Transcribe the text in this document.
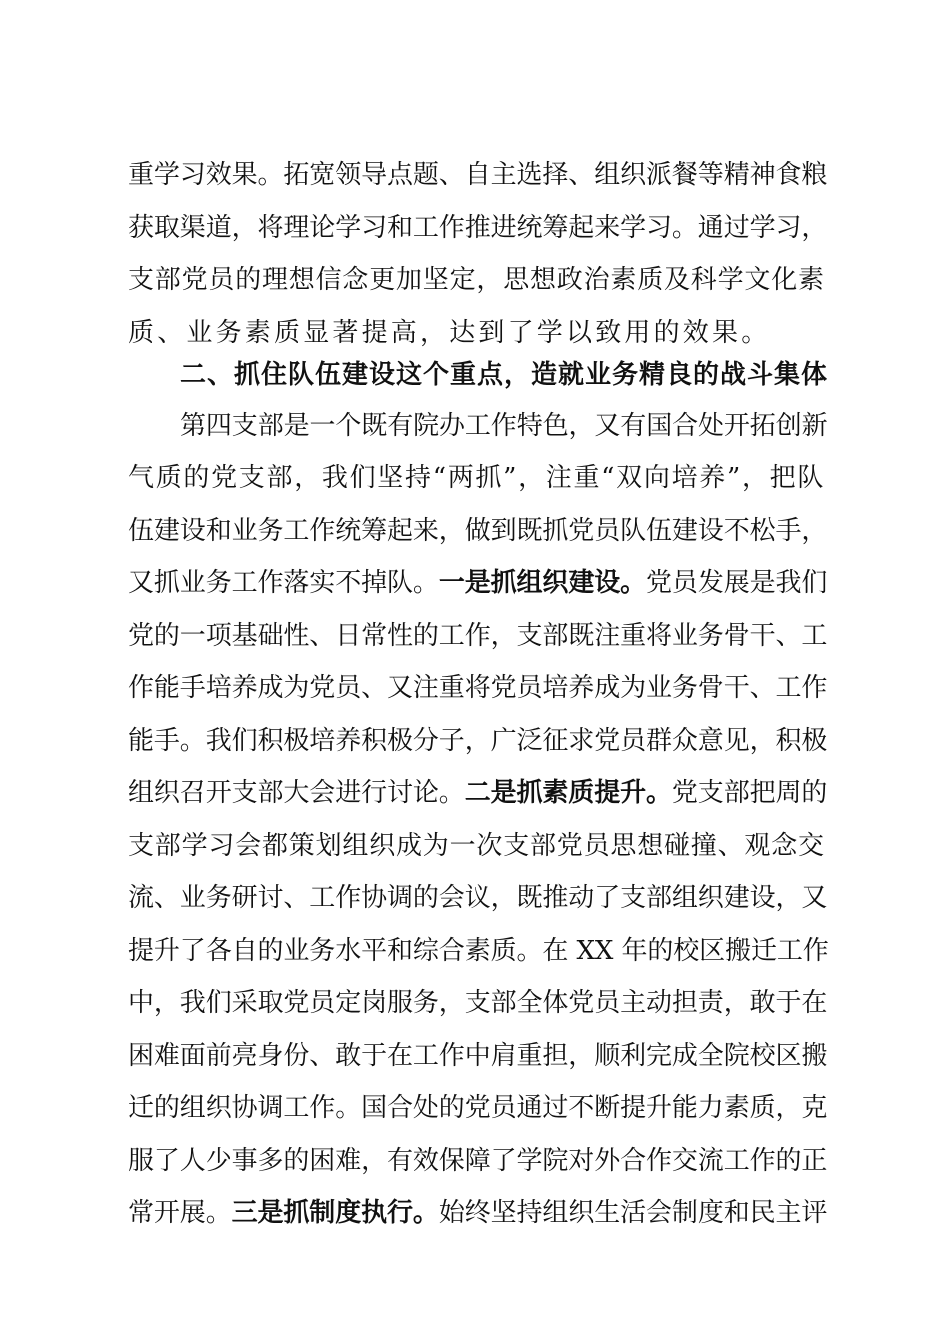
重学习效果。拓宽领导点题、自主选择、组织派餐等精神食粮
获取渠道，将理论学习和工作推进统筹起来学习。通过学习，
支部党员的理想信念更加坚定，思想政治素质及科学文化素
质、业务素质显著提高，达到了学以致用的效果。
二、抓住队伍建设这个重点，造就业务精良的战斗集体
第四支部是一个既有院办工作特色，又有国合处开拓创新
气质的党支部，我们坚持“两抓”，注重“双向培养”，把队
伍建设和业务工作统筹起来，做到既抓党员队伍建设不松手，
又抓业务工作落实不掉队。一是抓组织建设。党员发展是我们
党的一项基础性、日常性的工作，支部既注重将业务骨干、工
作能手培养成为党员、又注重将党员培养成为业务骨干、工作
能手。我们积极培养积极分子，广泛征求党员群众意见，积极
组织召开支部大会进行讨论。二是抓素质提升。党支部把周的
支部学习会都策划组织成为一次支部党员思想碰撞、观念交
流、业务研讨、工作协调的会议，既推动了支部组织建设，又
提升了各自的业务水平和综合素质。在 XX 年的校区搬迁工作
中，我们采取党员定岗服务，支部全体党员主动担责，敢于在
困难面前亮身份、敢于在工作中肩重担，顺利完成全院校区搬
迁的组织协调工作。国合处的党员通过不断提升能力素质，克
服了人少事多的困难，有效保障了学院对外合作交流工作的正
常开展。三是抓制度执行。始终坚持组织生活会制度和民主评
